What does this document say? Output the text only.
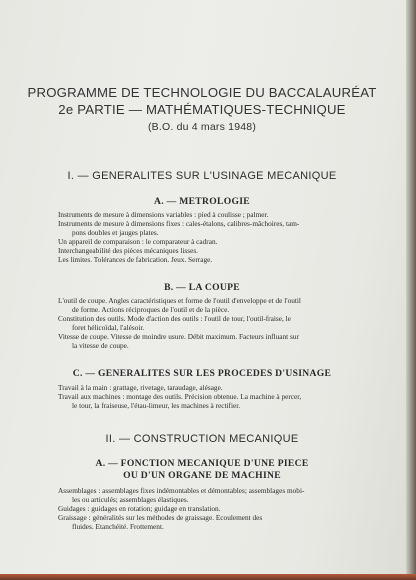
PROGRAMME DE TECHNOLOGIE DU BACCALAURÉAT
2e PARTIE — MATHÉMATIQUES-TECHNIQUE
(B.O. du 4 mars 1948)
I. — GENERALITES SUR L'USINAGE MECANIQUE
A. — METROLOGIE

Instruments de mesure à dimensions variables : pied à coulisse ; palmer.

Instruments de mesure à dimensions fixes : cales-étalons, calibres-mâchoires, tam-

pons doubles et jauges plates.

Un appareil de comparaison : le comparateur à cadran.

Interchangeabilité des pièces mécaniques lisses.

Les limites. Tolérances de fabrication. Jeux. Serrage.

B. — LA COUPE

L'outil de coupe. Angles caractéristiques et forme de l'outil d'enveloppe et de l'outil

de forme. Actions réciproques de l'outil et de la pièce.

Constitution des outils. Mode d'action des outils : l'outil de tour, l'outil-fraise, le

foret hélicoïdal, l'alésoir.

Vitesse de coupe. Vitesse de moindre usure. Débit maximum. Facteurs influant sur

la vitesse de coupe.

C. — GENERALITES SUR LES PROCEDES D'USINAGE

Travail à la main : grattage, rivetage, taraudage, alésage.

Travail aux machines : montage des outils. Précision obtenue. La machine à percer,

le tour, la fraiseuse, l'étau-limeur, les machines à rectifier.

II. — CONSTRUCTION MECANIQUE
A. — FONCTION MECANIQUE D'UNE PIECE
OU D'UN ORGANE DE MACHINE

Assemblages : assemblages fixes indémontables et démontables; assemblages mobi-

les ou articulés; assemblages élastiques.

Guidages : guidages en rotation; guidage en translation.

Graissage : généralités sur les méthodes de graissage. Ecoulement des

fluides. Etanchéité. Frottement.
